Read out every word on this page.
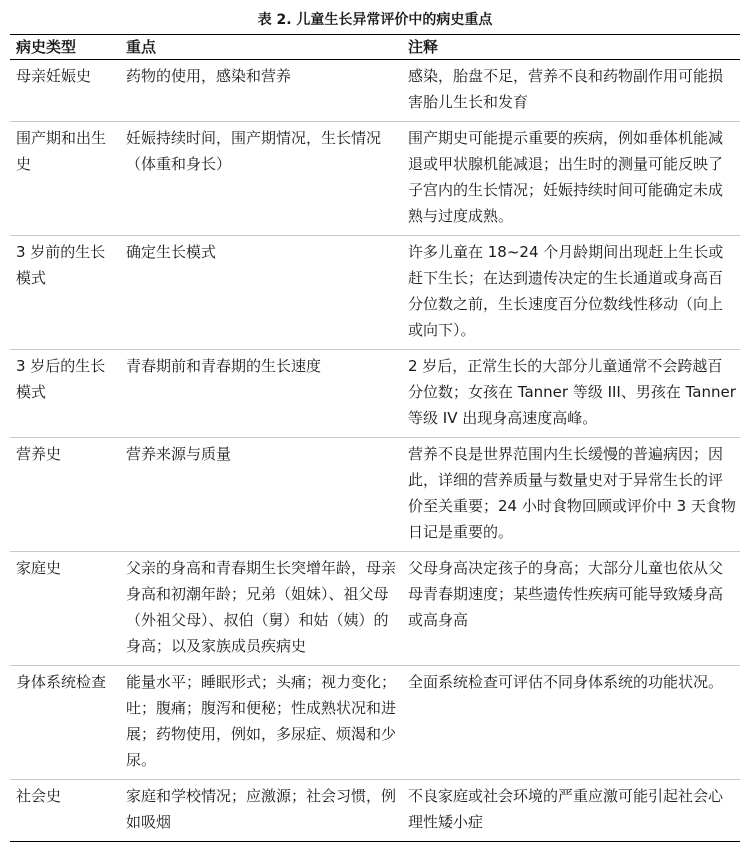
表 2. 儿童生长异常评价中的病史重点
病史类型	重点	注释
母亲妊娠史	药物的使用，感染和营养	感染，胎盘不足，营养不良和药物副作用可能损害胎儿生长和发育
围产期和出生史	妊娠持续时间，围产期情况，生长情况（体重和身长）	围产期史可能提示重要的疾病，例如垂体机能减退或甲状腺机能减退；出生时的测量可能反映了子宫内的生长情况；妊娠持续时间可能确定未成熟与过度成熟。
3 岁前的生长模式	确定生长模式	许多儿童在 18~24 个月龄期间出现赶上生长或赶下生长；在达到遗传决定的生长通道或身高百分位数之前，生长速度百分位数线性移动（向上或向下）。
3 岁后的生长模式	青春期前和青春期的生长速度	2 岁后，正常生长的大部分儿童通常不会跨越百分位数；女孩在 Tanner 等级 III、男孩在 Tanner 等级 IV 出现身高速度高峰。
营养史	营养来源与质量	营养不良是世界范围内生长缓慢的普遍病因；因此，详细的营养质量与数量史对于异常生长的评价至关重要；24 小时食物回顾或评价中 3 天食物日记是重要的。
家庭史	父亲的身高和青春期生长突增年龄，母亲身高和初潮年龄；兄弟（姐妹）、祖父母（外祖父母）、叔伯（舅）和姑（姨）的身高；以及家族成员疾病史	父母身高决定孩子的身高；大部分儿童也依从父母青春期速度；某些遗传性疾病可能导致矮身高或高身高
身体系统检查	能量水平；睡眠形式；头痛；视力变化；吐；腹痛；腹泻和便秘；性成熟状况和进展；药物使用，例如，多尿症、烦渴和少尿。	全面系统检查可评估不同身体系统的功能状况。
社会史	家庭和学校情况；应激源；社会习惯，例如吸烟	不良家庭或社会环境的严重应激可能引起社会心理性矮小症
